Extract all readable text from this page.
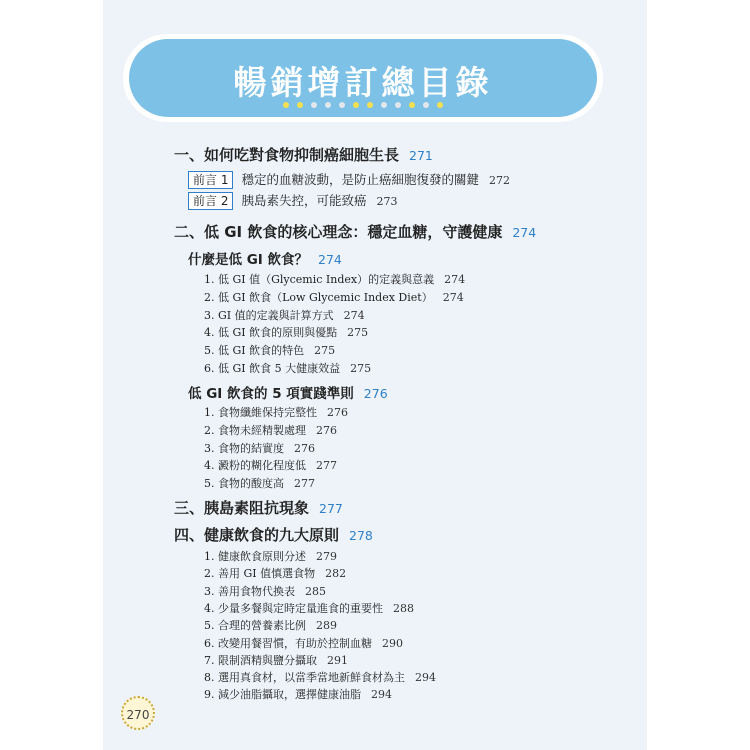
暢銷增訂總目錄
一、如何吃對食物抑制癌細胞生長 271
前言 1 穩定的血糖波動，是防止癌細胞復發的關鍵 272
前言 2 胰島素失控，可能致癌 273
二、低 GI 飲食的核心理念：穩定血糖，守護健康 274
什麼是低 GI 飲食？ 274
1. 低 GI 值（Glycemic Index）的定義與意義 274
2. 低 GI 飲食（Low Glycemic Index Diet） 274
3. GI 值的定義與計算方式 274
4. 低 GI 飲食的原則與優點 275
5. 低 GI 飲食的特色 275
6. 低 GI 飲食 5 大健康效益 275
低 GI 飲食的 5 項實踐準則 276
1. 食物纖維保持完整性 276
2. 食物未經精製處理 276
3. 食物的結實度 276
4. 澱粉的糊化程度低 277
5. 食物的酸度高 277
三、胰島素阻抗現象 277
四、健康飲食的九大原則 278
1. 健康飲食原則分述 279
2. 善用 GI 值慎選食物 282
3. 善用食物代換表 285
4. 少量多餐與定時定量進食的重要性 288
5. 合理的營養素比例 289
6. 改變用餐習慣，有助於控制血糖 290
7. 限制酒精與鹽分攝取 291
8. 選用真食材，以當季當地新鮮食材為主 294
9. 減少油脂攝取，選擇健康油脂 294
270
